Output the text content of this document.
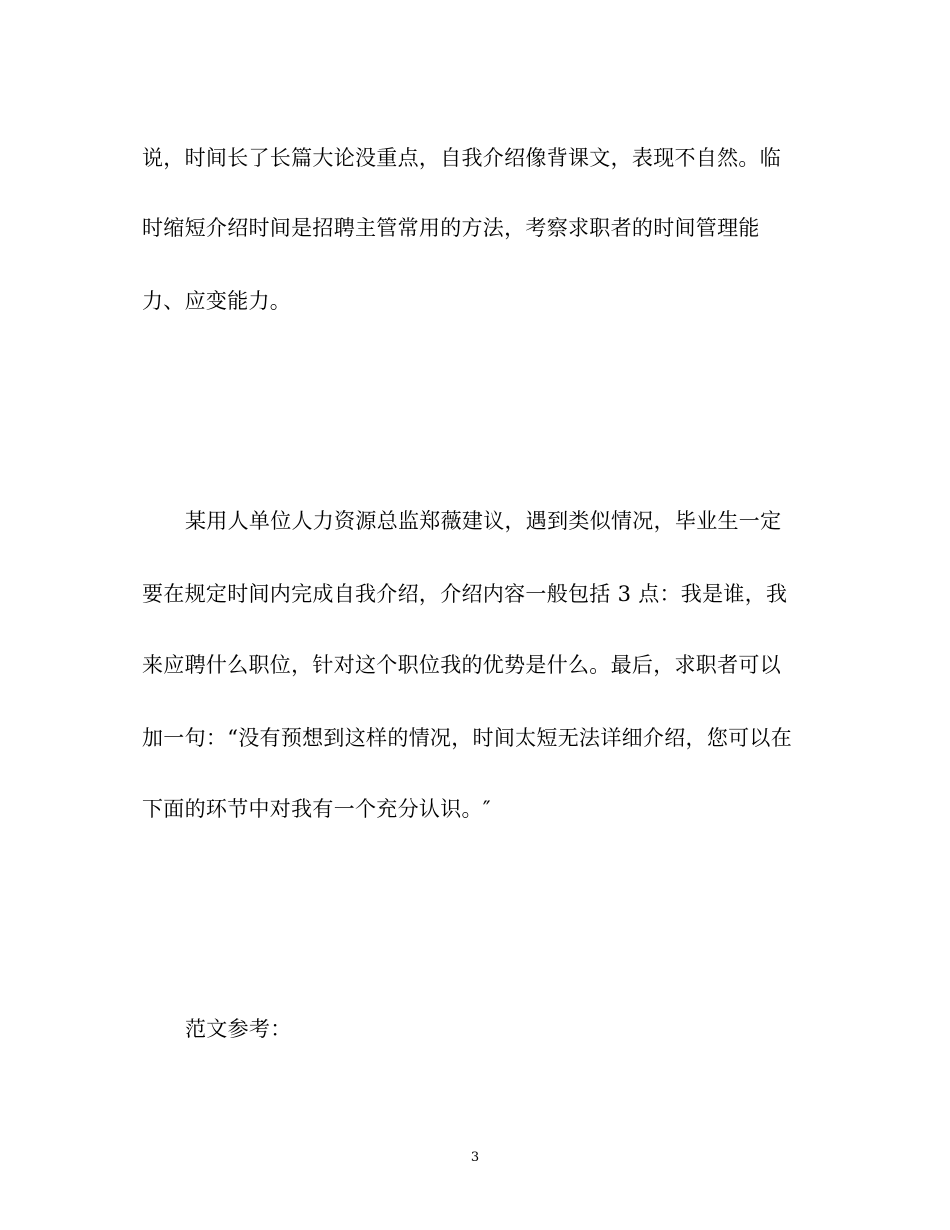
说，时间长了长篇大论没重点，自我介绍像背课文，表现不自然。临
时缩短介绍时间是招聘主管常用的方法，考察求职者的时间管理能
力、应变能力。
某用人单位人力资源总监郑薇建议，遇到类似情况，毕业生一定
要在规定时间内完成自我介绍，介绍内容一般包括 3 点：我是谁，我
来应聘什么职位，针对这个职位我的优势是什么。最后，求职者可以
加一句：“没有预想到这样的情况，时间太短无法详细介绍，您可以在
下面的环节中对我有一个充分认识。″
范文参考：
3
